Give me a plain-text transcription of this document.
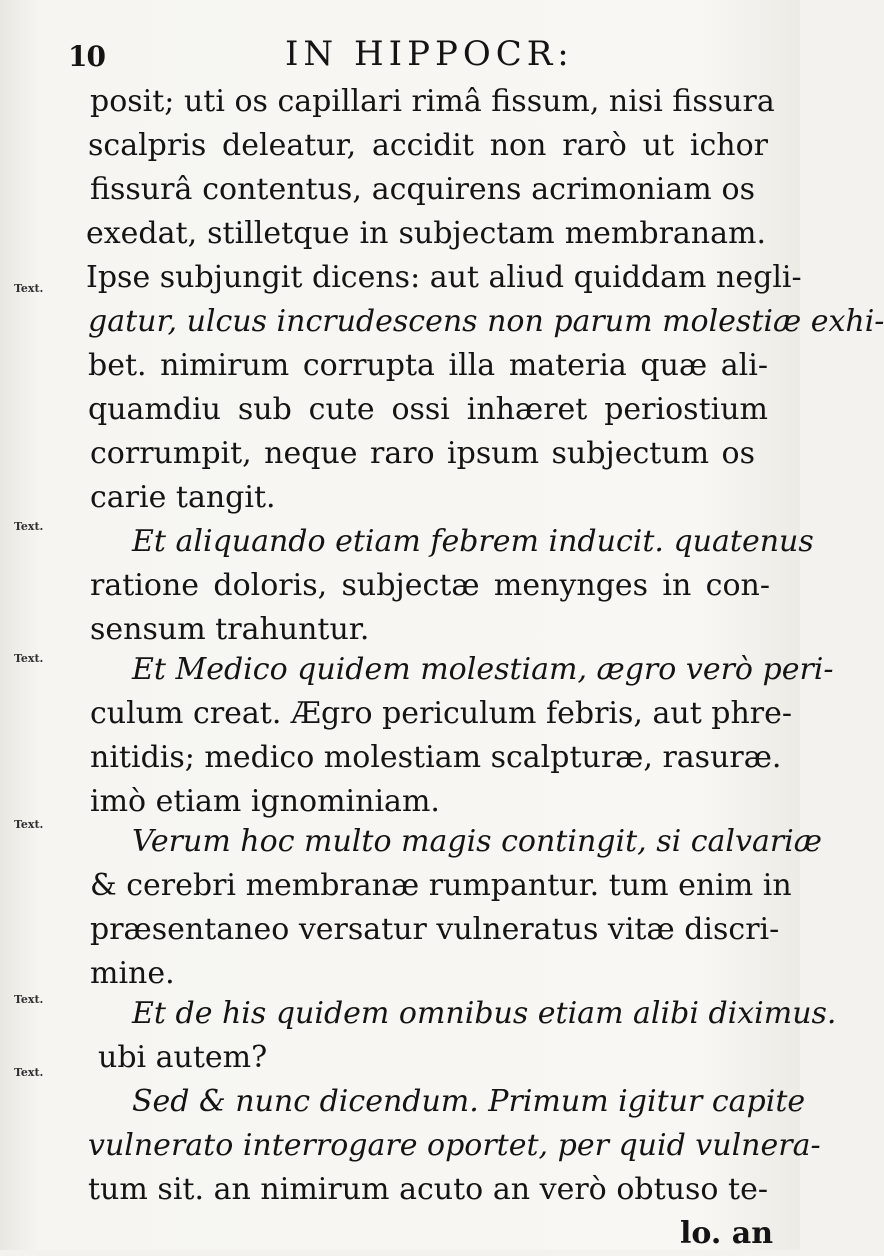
10	IN HIPPOCR:
Text.
Text.
Text.
Text.
Text.
Text.
posit; uti os capillari rimâ fissum, nisi fissura
scalpris deleatur, accidit non rarò ut ichor
fissurâ contentus, acquirens acrimoniam os
exedat, stilletque in subjectam membranam.
Ipse subjungit dicens: aut aliud quiddam negli-
gatur, ulcus incrudescens non parum molestiæ exhi-
bet. nimirum corrupta illa materia quæ ali-
quamdiu sub cute ossi inhæret periostium
corrumpit, neque raro ipsum subjectum os
carie tangit.
Et aliquando etiam febrem inducit. quatenus
ratione doloris, subjectæ menynges in con-
sensum trahuntur.
Et Medico quidem molestiam, ægro verò peri-
culum creat. Ægro periculum febris, aut phre-
nitidis; medico molestiam scalpturæ, rasuræ.
imò etiam ignominiam.
Verum hoc multo magis contingit, si calvariæ
& cerebri membranæ rumpantur. tum enim in
præsentaneo versatur vulneratus vitæ discri-
mine.
Et de his quidem omnibus etiam alibi diximus.
ubi autem?
Sed & nunc dicendum. Primum igitur capite
vulnerato interrogare oportet, per quid vulnera-
tum sit. an nimirum acuto an verò obtuso te-
lo. an
